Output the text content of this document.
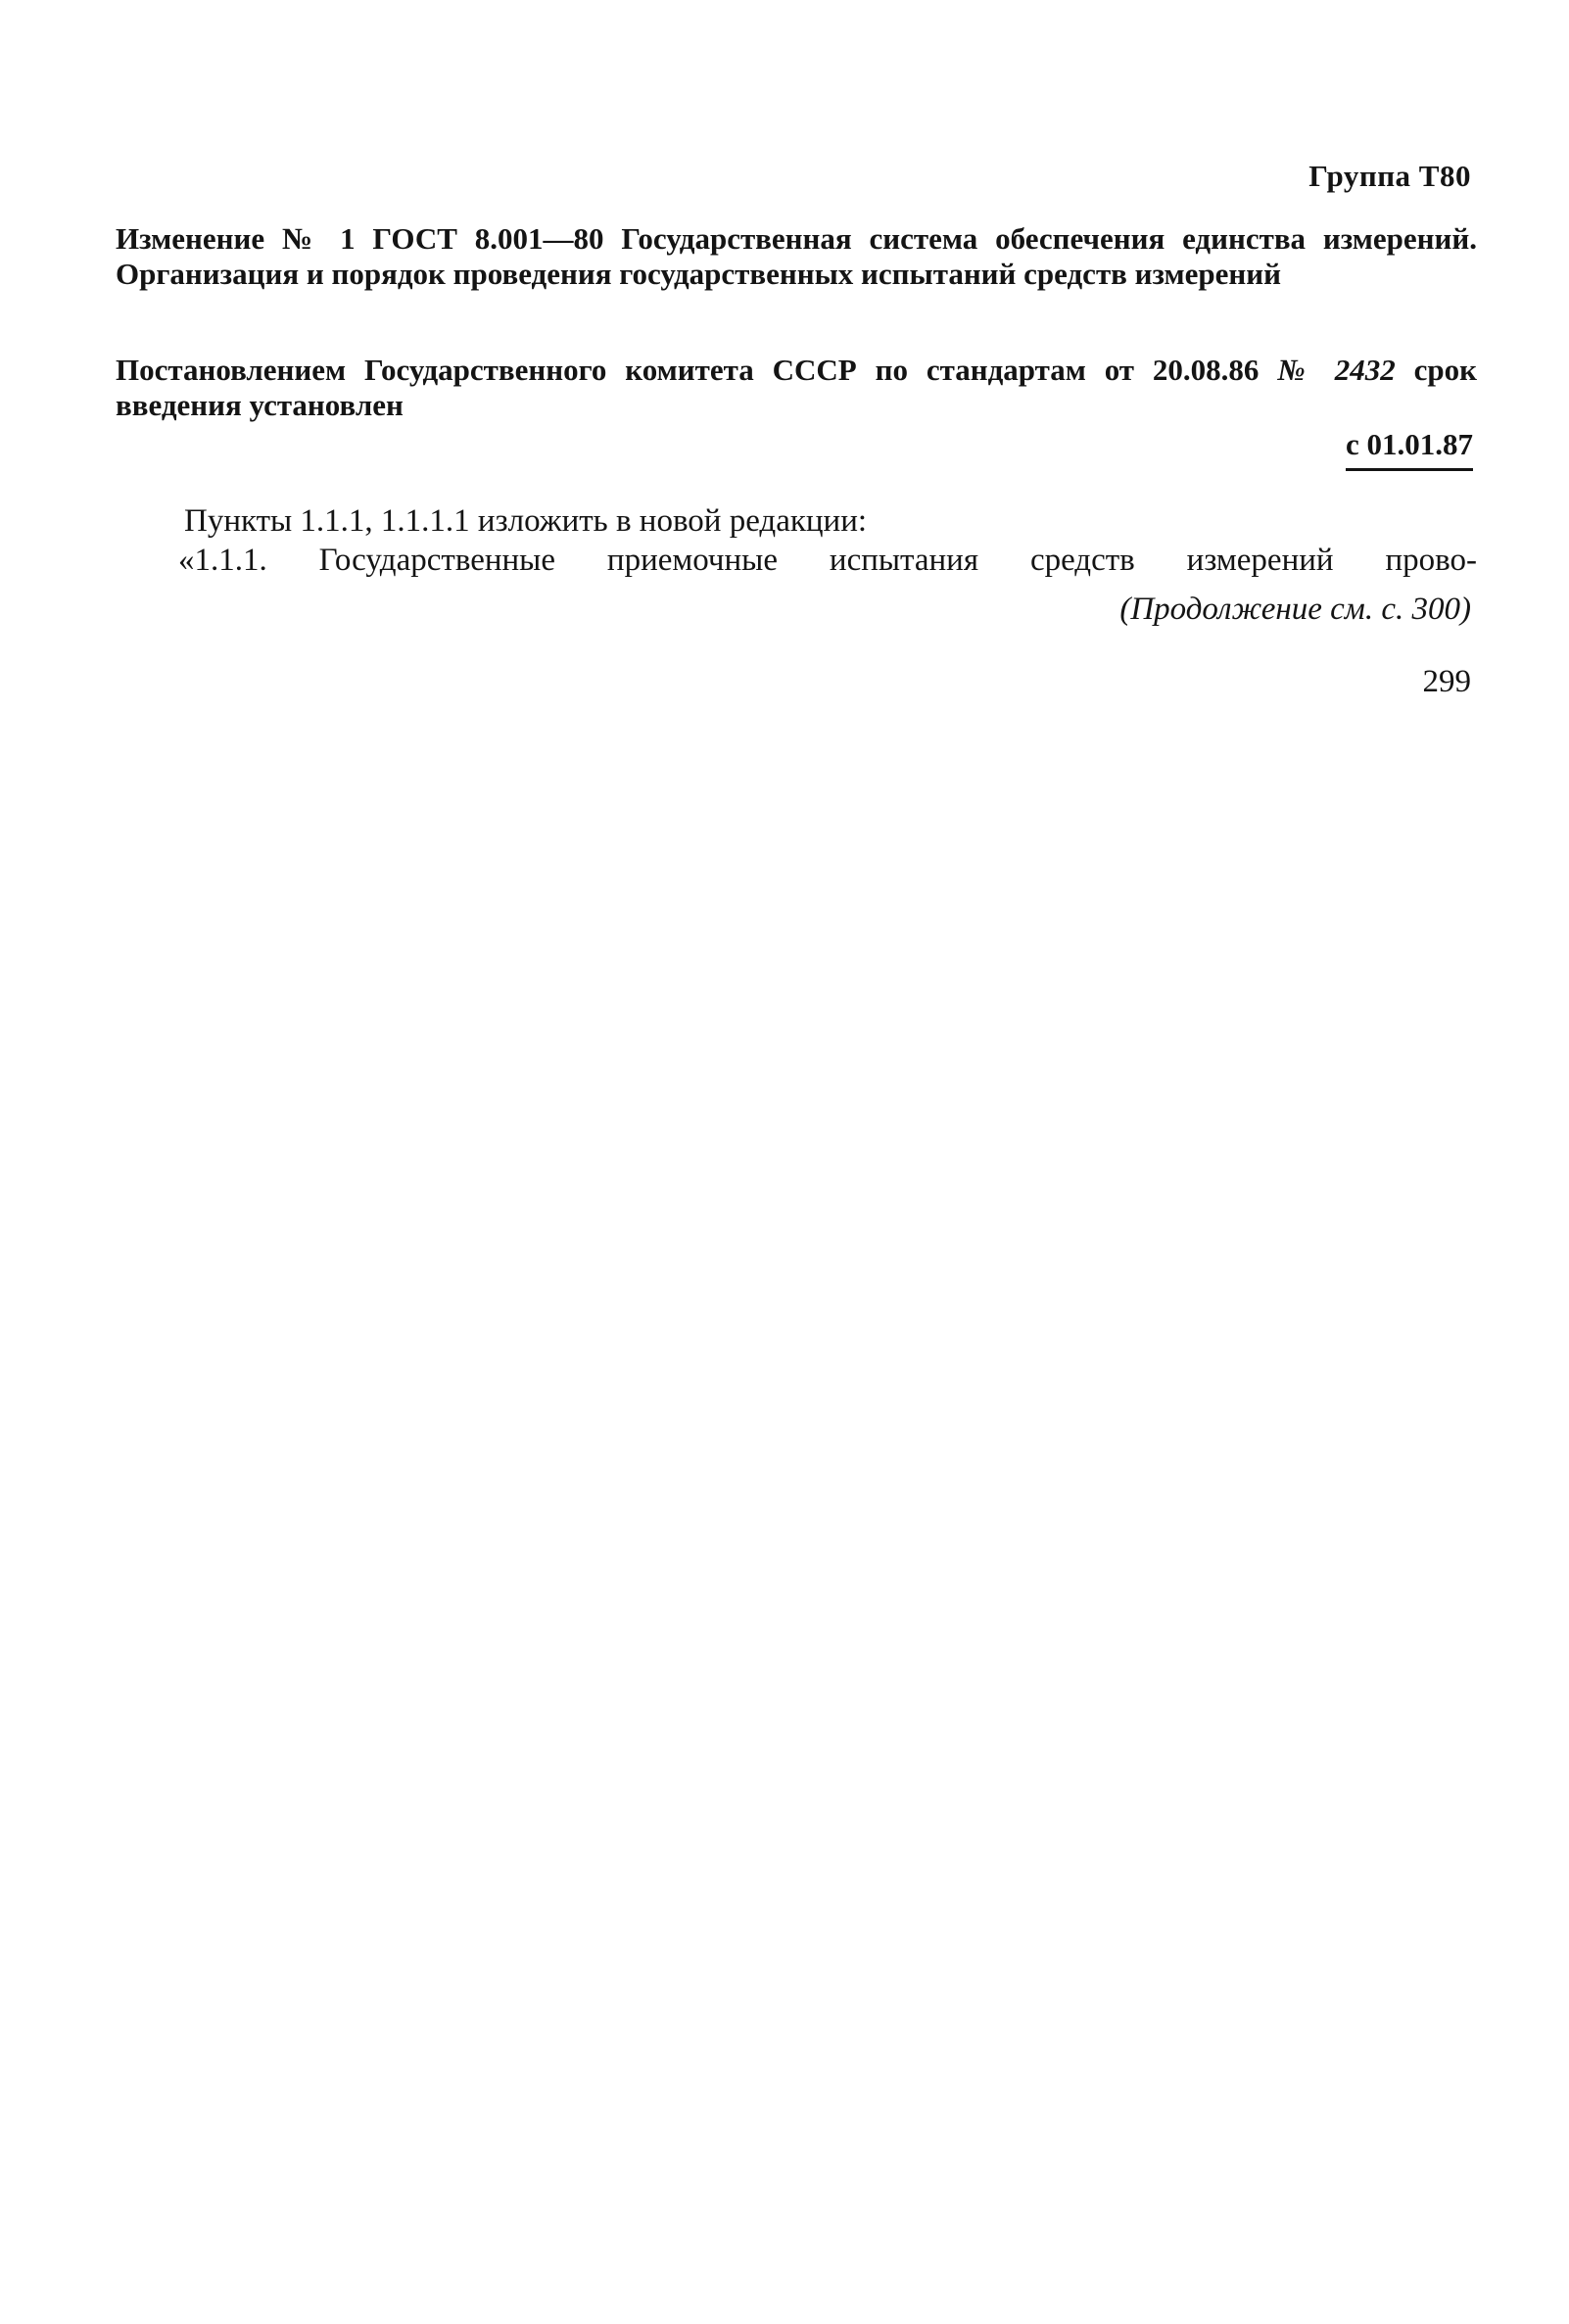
Группа Т80
Изменение № 1 ГОСТ 8.001—80 Государственная система обеспечения единства измерений. Организация и порядок проведения государственных испытаний средств измерений
Постановлением Государственного комитета СССР по стандартам от 20.08.86 № 2432 срок введения установлен
с 01.01.87
Пункты 1.1.1, 1.1.1.1 изложить в новой редакции:
«1.1.1. Государственные приемочные испытания средств измерений прово-
(Продолжение см. с. 300)
299
